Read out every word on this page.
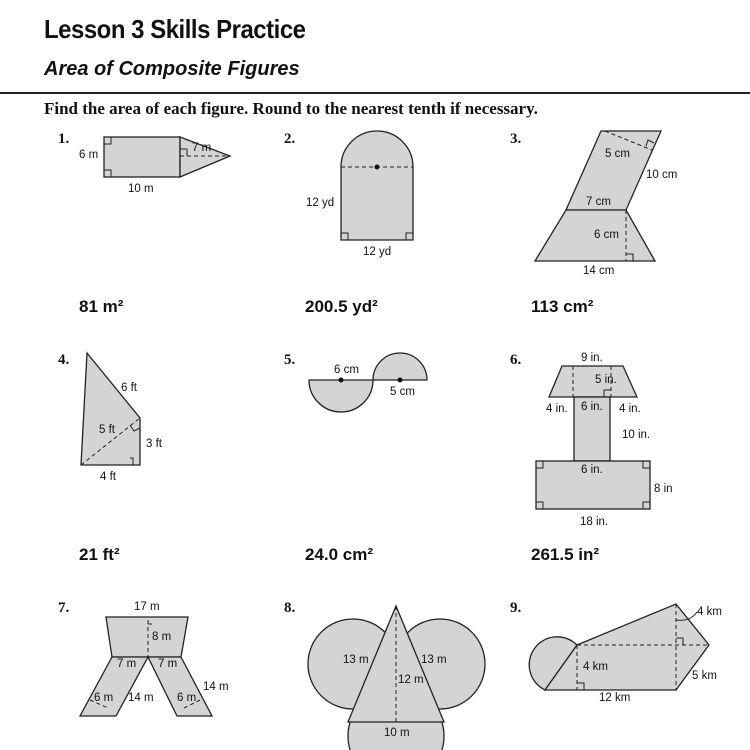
Lesson 3 Skills Practice
Area of Composite Figures
Find the area of each figure. Round to the nearest tenth if necessary.
1.	2.	3.
4.	5.	6.
7.	8.	9.
6 m
7 m
10 m
12 yd
12 yd
5 cm
10 cm
7 cm
6 cm
14 cm
6 ft
5 ft
3 ft
4 ft
6 cm
5 cm
9 in.
5 in.
4 in. 6 in. 4 in.
10 in.
6 in.
8 in
18 in.
17 m
8 m
7 m 7 m
6 m 14 m 6 m
14 m
13 m	13 m
12 m
10 m
4 km
4 km
5 km
12 km
81 m²	200.5 yd²	113 cm²
21 ft²	24.0 cm²	261.5 in²
